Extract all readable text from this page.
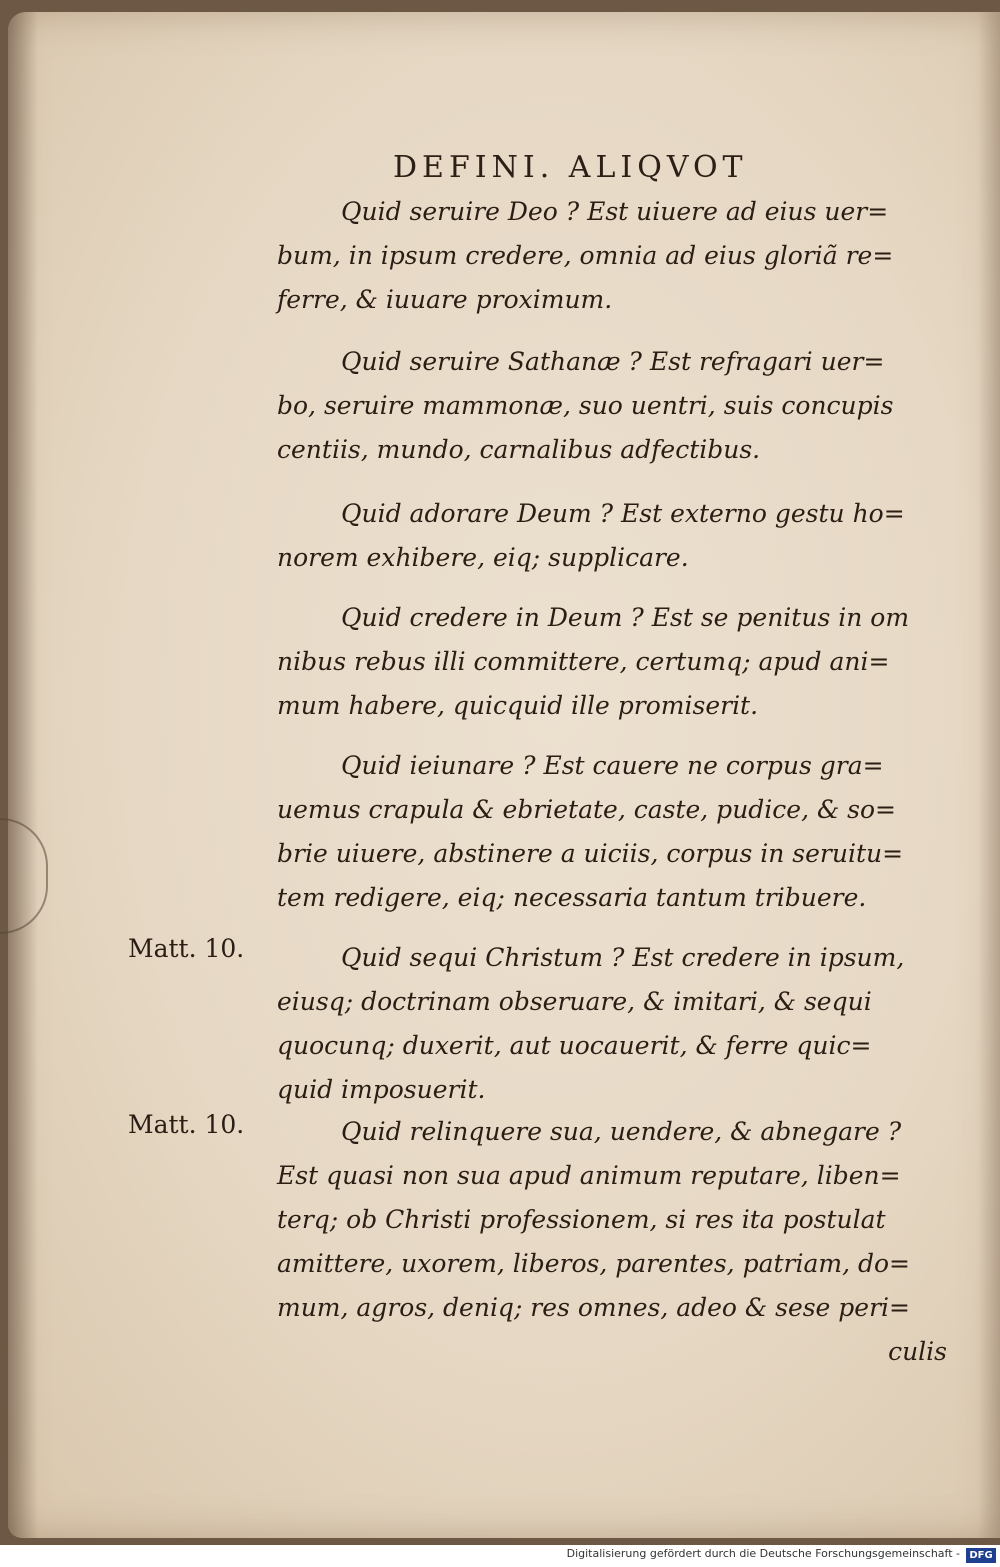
DEFINI. ALIQVOT
Quid seruire Deo ? Est uiuere ad eius uer=
bum, in ipsum credere, omnia ad eius gloriã re=
ferre, & iuuare proximum.
Quid seruire Sathanæ ? Est refragari uer=
bo, seruire mammonæ, suo uentri, suis concupis
centiis, mundo, carnalibus adfectibus.
Quid adorare Deum ? Est externo gestu ho=
norem exhibere, eiq; supplicare.
Quid credere in Deum ? Est se penitus in om
nibus rebus illi committere, certumq; apud ani=
mum habere, quicquid ille promiserit.
Quid ieiunare ? Est cauere ne corpus gra=
uemus crapula & ebrietate, caste, pudice, & so=
brie uiuere, abstinere a uiciis, corpus in seruitu=
tem redigere, eiq; necessaria tantum tribuere.
Matt. 10.	Quid sequi Christum ? Est credere in ipsum,
eiusq; doctrinam obseruare, & imitari, & sequi
quocunq; duxerit, aut uocauerit, & ferre quic=
quid imposuerit.
Matt. 10.	Quid relinquere sua, uendere, & abnegare ?
Est quasi non sua apud animum reputare, liben=
terq; ob Christi professionem, si res ita postulat
amittere, uxorem, liberos, parentes, patriam, do=
mum, agros, deniq; res omnes, adeo & sese peri=
culis
Digitalisierung gefördert durch die Deutsche Forschungsgemeinschaft - DFG
